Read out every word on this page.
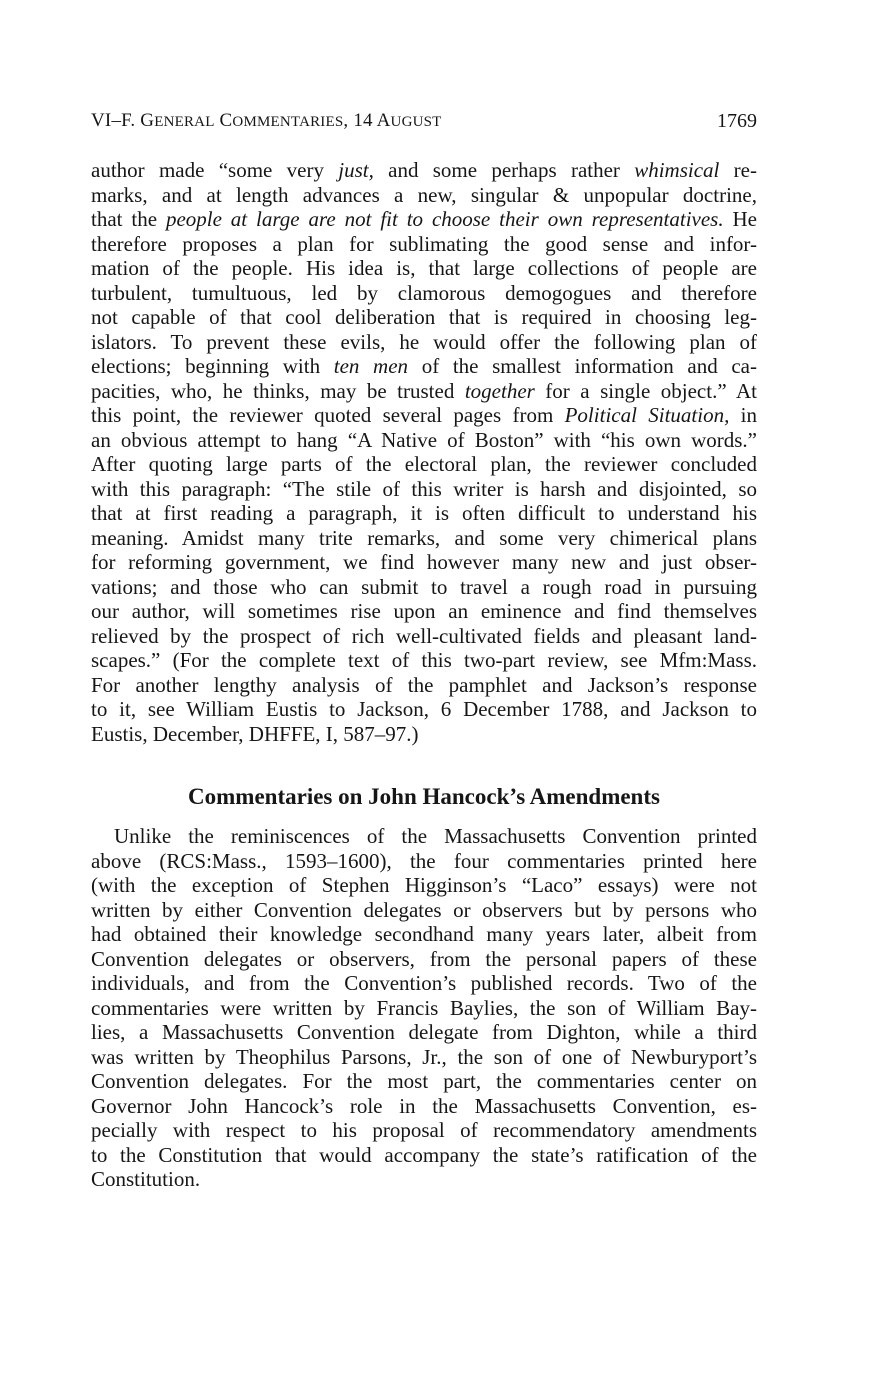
VI–F. GENERAL COMMENTARIES, 14 AUGUST	1769
author made “some very just, and some perhaps rather whimsical re-
marks, and at length advances a new, singular & unpopular doctrine,
that the people at large are not fit to choose their own representatives. He
therefore proposes a plan for sublimating the good sense and infor-
mation of the people. His idea is, that large collections of people are
turbulent, tumultuous, led by clamorous demogogues and therefore
not capable of that cool deliberation that is required in choosing leg-
islators. To prevent these evils, he would offer the following plan of
elections; beginning with ten men of the smallest information and ca-
pacities, who, he thinks, may be trusted together for a single object.” At
this point, the reviewer quoted several pages from Political Situation, in
an obvious attempt to hang “A Native of Boston” with “his own words.”
After quoting large parts of the electoral plan, the reviewer concluded
with this paragraph: “The stile of this writer is harsh and disjointed, so
that at first reading a paragraph, it is often difficult to understand his
meaning. Amidst many trite remarks, and some very chimerical plans
for reforming government, we find however many new and just obser-
vations; and those who can submit to travel a rough road in pursuing
our author, will sometimes rise upon an eminence and find themselves
relieved by the prospect of rich well-cultivated fields and pleasant land-
scapes.” (For the complete text of this two-part review, see Mfm:Mass.
For another lengthy analysis of the pamphlet and Jackson’s response
to it, see William Eustis to Jackson, 6 December 1788, and Jackson to
Eustis, December, DHFFE, I, 587–97.)
Commentaries on John Hancock’s Amendments
Unlike the reminiscences of the Massachusetts Convention printed
above (RCS:Mass., 1593–1600), the four commentaries printed here
(with the exception of Stephen Higginson’s “Laco” essays) were not
written by either Convention delegates or observers but by persons who
had obtained their knowledge secondhand many years later, albeit from
Convention delegates or observers, from the personal papers of these
individuals, and from the Convention’s published records. Two of the
commentaries were written by Francis Baylies, the son of William Bay-
lies, a Massachusetts Convention delegate from Dighton, while a third
was written by Theophilus Parsons, Jr., the son of one of Newburyport’s
Convention delegates. For the most part, the commentaries center on
Governor John Hancock’s role in the Massachusetts Convention, es-
pecially with respect to his proposal of recommendatory amendments
to the Constitution that would accompany the state’s ratification of the
Constitution.
